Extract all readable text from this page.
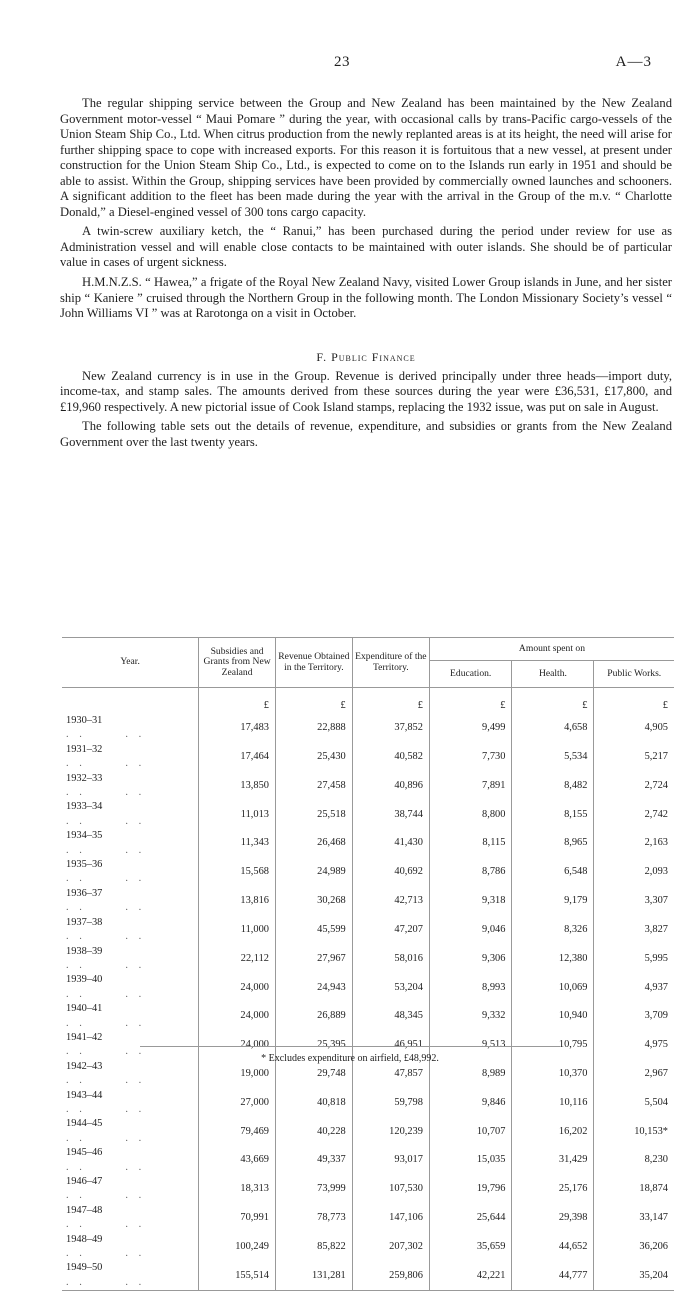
23	A—3

The regular shipping service between the Group and New Zealand has been maintained by the New Zealand Government motor-vessel “ Maui Pomare ” during the year, with occasional calls by trans-Pacific cargo-vessels of the Union Steam Ship Co., Ltd. When citrus production from the newly replanted areas is at its height, the need will arise for further shipping space to cope with increased exports. For this reason it is fortuitous that a new vessel, at present under construction for the Union Steam Ship Co., Ltd., is expected to come on to the Islands run early in 1951 and should be able to assist. Within the Group, shipping services have been provided by commercially owned launches and schooners. A significant addition to the fleet has been made during the year with the arrival in the Group of the m.v. “ Charlotte Donald,” a Diesel-engined vessel of 300 tons cargo capacity.

A twin-screw auxiliary ketch, the “ Ranui,” has been purchased during the period under review for use as Administration vessel and will enable close contacts to be maintained with outer islands. She should be of particular value in cases of urgent sickness.

H.M.N.Z.S. “ Hawea,” a frigate of the Royal New Zealand Navy, visited Lower Group islands in June, and her sister ship “ Kaniere ” cruised through the Northern Group in the following month. The London Missionary Society’s vessel “ John Williams VI ” was at Rarotonga on a visit in October.

F. Public Finance

New Zealand currency is in use in the Group. Revenue is derived principally under three heads—import duty, income-tax, and stamp sales. The amounts derived from these sources during the year were £36,531, £17,800, and £19,960 respectively. A new pictorial issue of Cook Island stamps, replacing the 1932 issue, was put on sale in August.

The following table sets out the details of revenue, expenditure, and subsidies or grants from the New Zealand Government over the last twenty years.

Year.	Subsidies and Grants from New Zealand	Revenue Obtained in the Territory.	Expenditure of the Territory.	Amount spent on		
				Education.	Health.	Public Works.
	£	£	£	£	£	£
1930–31. .      . .	17,483	22,888	37,852	9,499	4,658	4,905
1931–32. .      . .	17,464	25,430	40,582	7,730	5,534	5,217
1932–33. .      . .	13,850	27,458	40,896	7,891	8,482	2,724
1933–34. .      . .	11,013	25,518	38,744	8,800	8,155	2,742
1934–35. .      . .	11,343	26,468	41,430	8,115	8,965	2,163
1935–36. .      . .	15,568	24,989	40,692	8,786	6,548	2,093
1936–37. .      . .	13,816	30,268	42,713	9,318	9,179	3,307
1937–38. .      . .	11,000	45,599	47,207	9,046	8,326	3,827
1938–39. .      . .	22,112	27,967	58,016	9,306	12,380	5,995
1939–40. .      . .	24,000	24,943	53,204	8,993	10,069	4,937
1940–41. .      . .	24,000	26,889	48,345	9,332	10,940	3,709
1941–42. .      . .	24,000	25,395	46,951	9,513	10,795	4,975
1942–43. .      . .	19,000	29,748	47,857	8,989	10,370	2,967
1943–44. .      . .	27,000	40,818	59,798	9,846	10,116	5,504
1944–45. .      . .	79,469	40,228	120,239	10,707	16,202	10,153*
1945–46. .      . .	43,669	49,337	93,017	15,035	31,429	8,230
1946–47. .      . .	18,313	73,999	107,530	19,796	25,176	18,874
1947–48. .      . .	70,991	78,773	147,106	25,644	29,398	33,147
1948–49. .      . .	100,249	85,822	207,302	35,659	44,652	36,206
1949–50. .      . .	155,514	131,281	259,806	42,221	44,777	35,204
* Excludes expenditure on airfield, £48,992.
